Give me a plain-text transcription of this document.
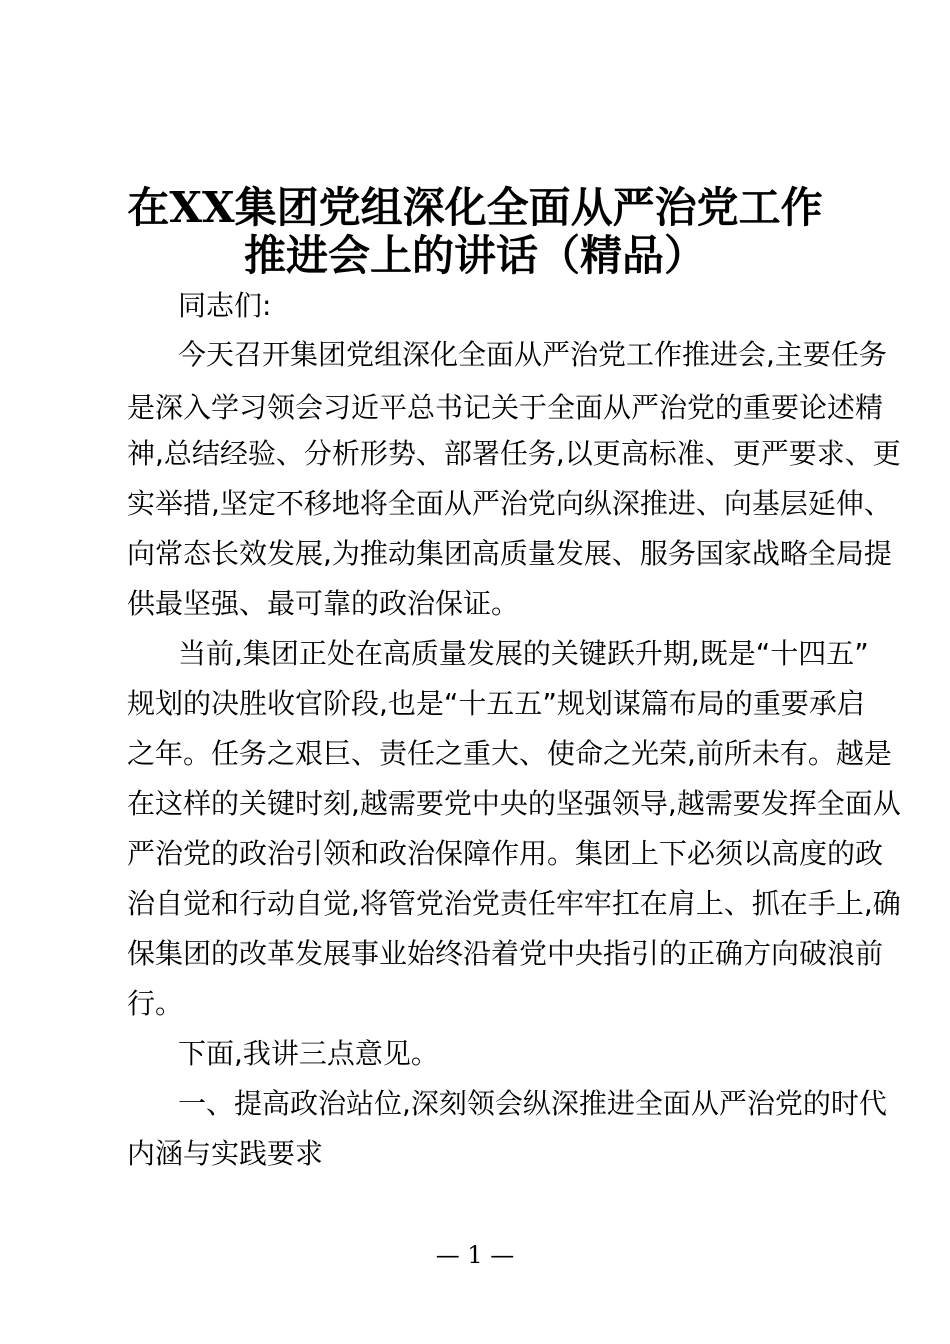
在XX集团党组深化全面从严治党工作
推进会上的讲话（精品）
同志们:
今天召开集团党组深化全面从严治党工作推进会,主要任务
是深入学习领会习近平总书记关于全面从严治党的重要论述精
神,总结经验、分析形势、部署任务,以更高标准、更严要求、更
实举措,坚定不移地将全面从严治党向纵深推进、向基层延伸、
向常态长效发展,为推动集团高质量发展、服务国家战略全局提
供最坚强、最可靠的政治保证。
当前,集团正处在高质量发展的关键跃升期,既是“十四五”
规划的决胜收官阶段,也是“十五五”规划谋篇布局的重要承启
之年。任务之艰巨、责任之重大、使命之光荣,前所未有。越是
在这样的关键时刻,越需要党中央的坚强领导,越需要发挥全面从
严治党的政治引领和政治保障作用。集团上下必须以高度的政
治自觉和行动自觉,将管党治党责任牢牢扛在肩上、抓在手上,确
保集团的改革发展事业始终沿着党中央指引的正确方向破浪前
行。
下面,我讲三点意见。
一、提高政治站位,深刻领会纵深推进全面从严治党的时代
内涵与实践要求
— 1 —
